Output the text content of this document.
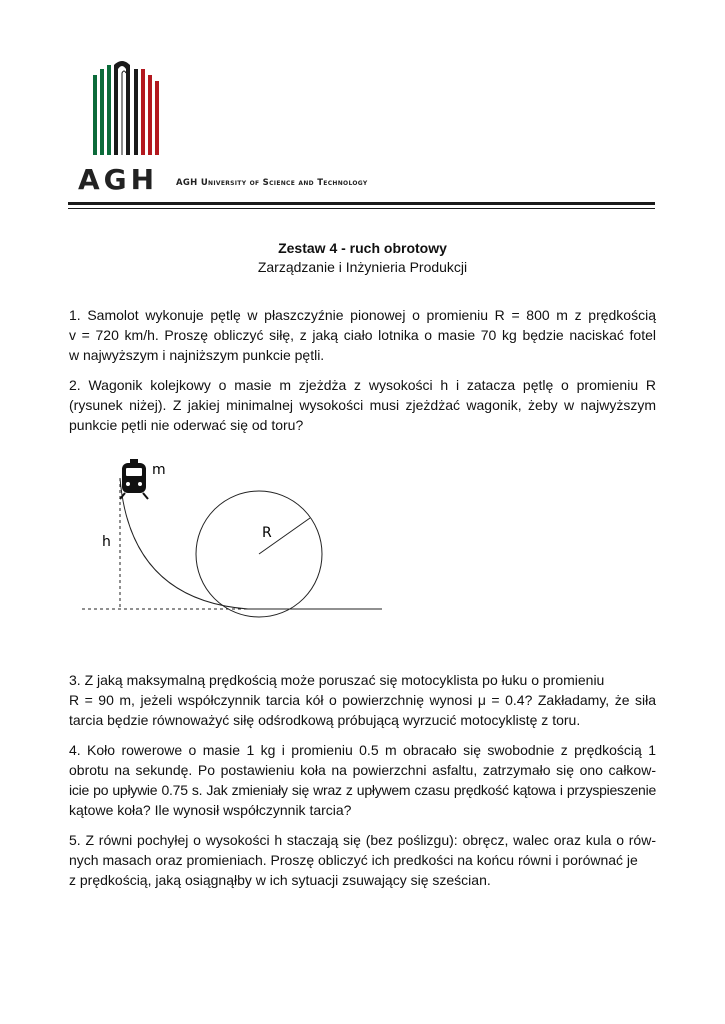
AGH AGH University of Science and Technology
Zestaw 4 - ruch obrotowy
Zarządzanie i Inżynieria Produkcji
1. Samolot wykonuje pętlę w płaszczyźnie pionowej o promieniu R = 800 m z prędkością
v = 720 km/h. Proszę obliczyć siłę, z jaką ciało lotnika o masie 70 kg będzie naciskać fotel
w najwyższym i najniższym punkcie pętli.
2. Wagonik kolejkowy o masie m zjeżdża z wysokości h i zatacza pętlę o promieniu R
(rysunek niżej). Z jakiej minimalnej wysokości musi zjeżdżać wagonik, żeby w najwyższym
punkcie pętli nie oderwać się od toru?
m
h
R
3. Z jaką maksymalną prędkością może poruszać się motocyklista po łuku o promieniu
R = 90 m, jeżeli współczynnik tarcia kół o powierzchnię wynosi μ = 0.4? Zakładamy, że siła
tarcia będzie równoważyć siłę odśrodkową próbującą wyrzucić motocyklistę z toru.
4. Koło rowerowe o masie 1 kg i promieniu 0.5 m obracało się swobodnie z prędkością 1
obrotu na sekundę. Po postawieniu koła na powierzchni asfaltu, zatrzymało się ono całkow-
icie po upływie 0.75 s. Jak zmieniały się wraz z upływem czasu prędkość kątowa i przyspieszenie
kątowe koła? Ile wynosił współczynnik tarcia?
5. Z równi pochyłej o wysokości h staczają się (bez poślizgu): obręcz, walec oraz kula o rów-
nych masach oraz promieniach. Proszę obliczyć ich predkości na końcu równi i porównać je
z prędkością, jaką osiągnąłby w ich sytuacji zsuwający się sześcian.
